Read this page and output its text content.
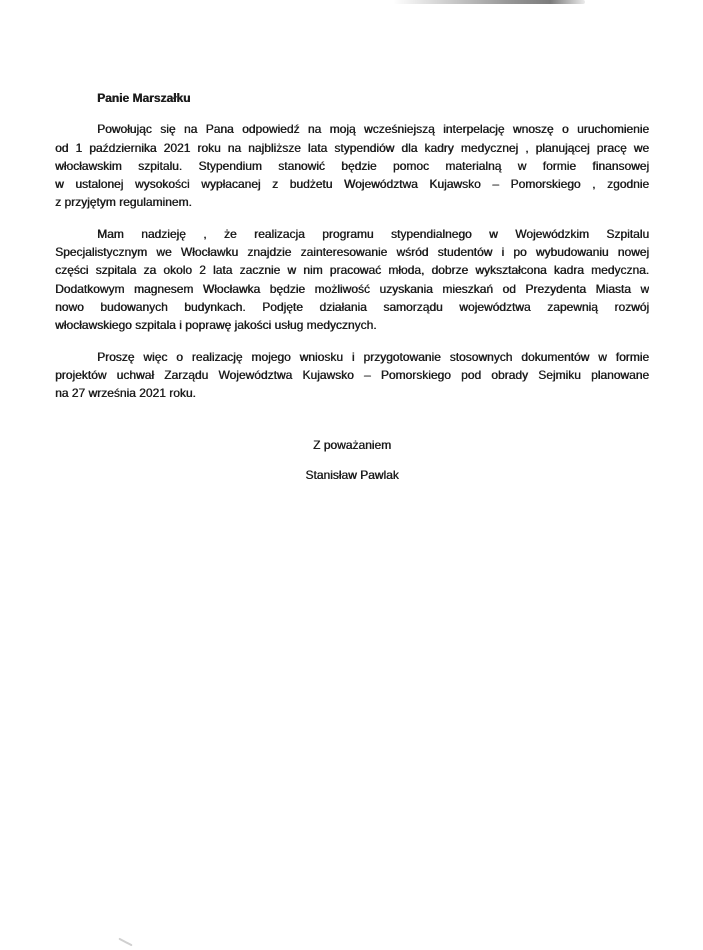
Panie Marszałku
Powołując się na Pana odpowiedź na moją wcześniejszą interpelację wnoszę o uruchomienie
od 1 października 2021 roku na najbliższe lata stypendiów dla kadry medycznej , planującej pracę we
włocławskim szpitalu. Stypendium stanowić będzie pomoc materialną w formie finansowej
w ustalonej wysokości wypłacanej z budżetu Województwa Kujawsko – Pomorskiego , zgodnie
z przyjętym regulaminem.
Mam nadzieję , że realizacja programu stypendialnego w Wojewódzkim Szpitalu
Specjalistycznym we Włocławku znajdzie zainteresowanie wśród studentów i po wybudowaniu nowej
części szpitala za okolo 2 lata zacznie w nim pracować młoda, dobrze wykształcona kadra medyczna.
Dodatkowym magnesem Włocławka będzie możliwość uzyskania mieszkań od Prezydenta Miasta w
nowo budowanych budynkach. Podjęte działania samorządu województwa zapewnią rozwój
włocławskiego szpitala i poprawę jakości usług medycznych.
Proszę więc o realizację mojego wniosku i przygotowanie stosownych dokumentów w formie
projektów uchwał Zarządu Województwa Kujawsko – Pomorskiego pod obrady Sejmiku planowane
na 27 września 2021 roku.
Z poważaniem
Stanisław Pawlak
